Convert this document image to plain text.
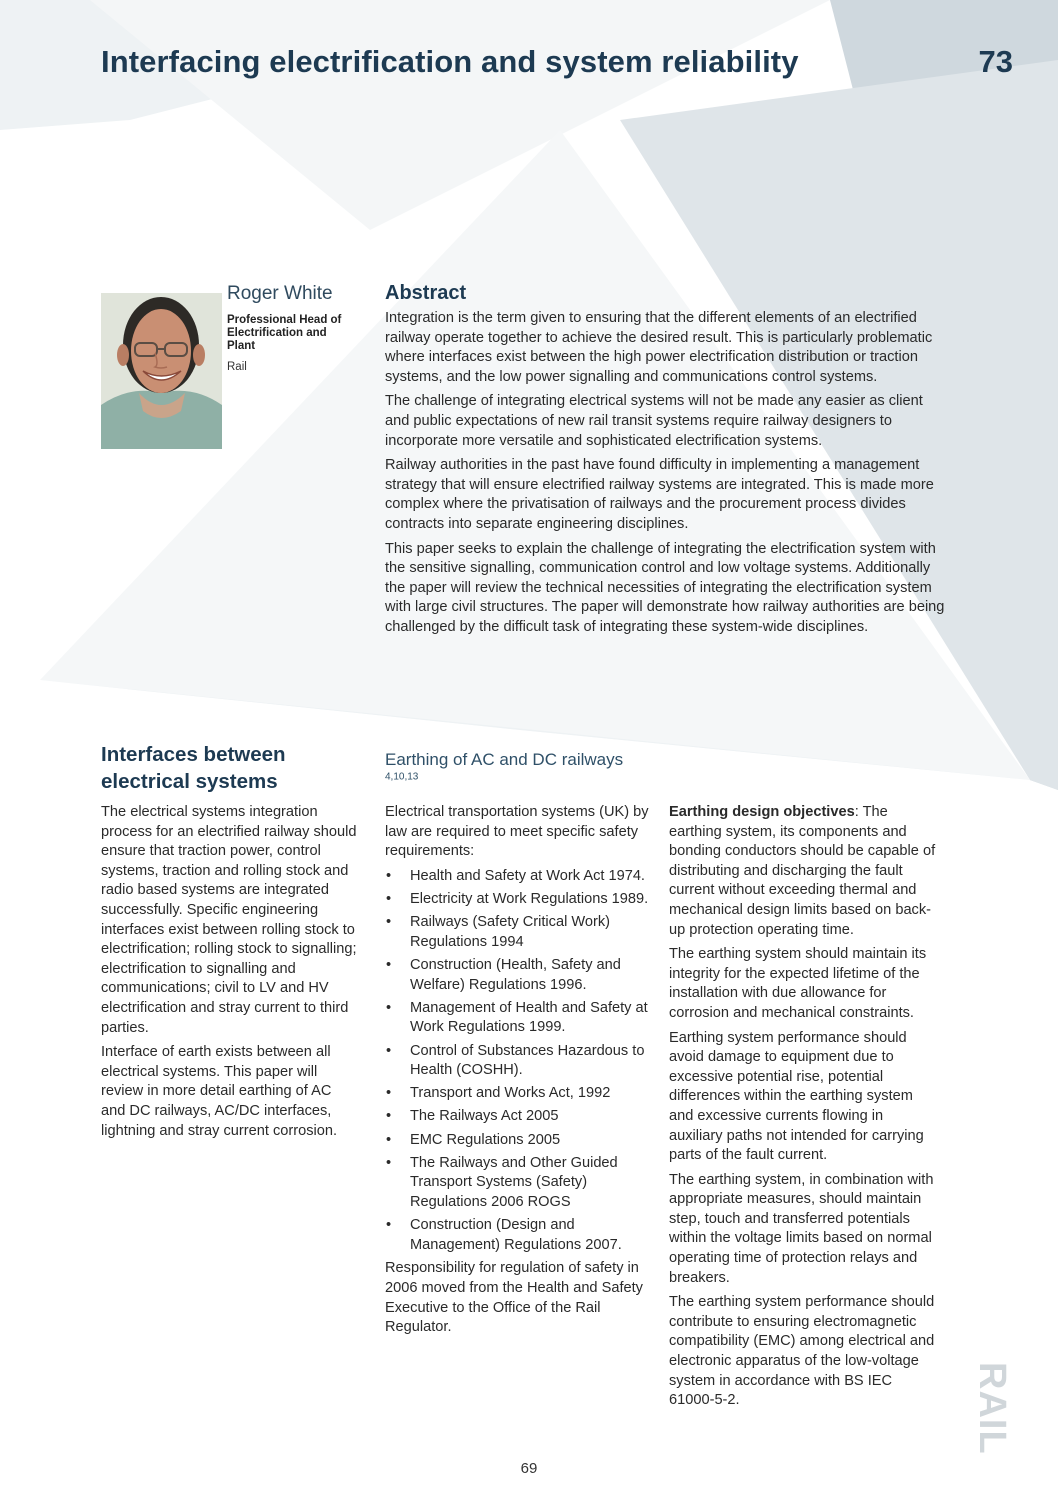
Interfacing electrification and system reliability	73
Roger White
Professional Head of Electrification and Plant
Rail
Abstract

Integration is the term given to ensuring that the different elements of an electrified railway operate together to achieve the desired result. This is particularly problematic where interfaces exist between the high power electrification distribution or traction systems, and the low power signalling and communications control systems.

The challenge of integrating electrical systems will not be made any easier as client and public expectations of new rail transit systems require railway designers to incorporate more versatile and sophisticated electrification systems.

Railway authorities in the past have found difficulty in implementing a management strategy that will ensure electrified railway systems are integrated. This is made more complex where the privatisation of railways and the procurement process divides contracts into separate engineering disciplines.

This paper seeks to explain the challenge of integrating the electrification system with the sensitive signalling, communication control and low voltage systems. Additionally the paper will review the technical necessities of integrating the electrification system with large civil structures. The paper will demonstrate how railway authorities are being challenged by the difficult task of integrating these system-wide disciplines.

Interfaces between electrical systems

The electrical systems integration process for an electrified railway should ensure that traction power, control systems, traction and rolling stock and radio based systems are integrated successfully. Specific engineering interfaces exist between rolling stock to electrification; rolling stock to signalling; electrification to signalling and communications; civil to LV and HV electrification and stray current to third parties.

Interface of earth exists between all electrical systems. This paper will review in more detail earthing of AC and DC railways, AC/DC interfaces, lightning and stray current corrosion.

Earthing of AC and DC railways $^{4,10,13}$

Electrical transportation systems (UK) by law are required to meet specific safety requirements:

• Health and Safety at Work Act 1974.
• Electricity at Work Regulations 1989.
• Railways (Safety Critical Work) Regulations 1994
• Construction (Health, Safety and Welfare) Regulations 1996.
• Management of Health and Safety at Work Regulations 1999.
• Control of Substances Hazardous to Health (COSHH).
• Transport and Works Act, 1992
• The Railways Act 2005
• EMC Regulations 2005
• The Railways and Other Guided Transport Systems (Safety) Regulations 2006 ROGS
• Construction (Design and Management) Regulations 2007.

Responsibility for regulation of safety in 2006 moved from the Health and Safety Executive to the Office of the Rail Regulator.

Earthing design objectives: The earthing system, its components and bonding conductors should be capable of distributing and discharging the fault current without exceeding thermal and mechanical design limits based on back-up protection operating time.

The earthing system should maintain its integrity for the expected lifetime of the installation with due allowance for corrosion and mechanical constraints.

Earthing system performance should avoid damage to equipment due to excessive potential rise, potential differences within the earthing system and excessive currents flowing in auxiliary paths not intended for carrying parts of the fault current.

The earthing system, in combination with appropriate measures, should maintain step, touch and transferred potentials within the voltage limits based on normal operating time of protection relays and breakers.

The earthing system performance should contribute to ensuring electromagnetic compatibility (EMC) among electrical and electronic apparatus of the low-voltage system in accordance with BS IEC 61000-5-2.	RAIL
69
